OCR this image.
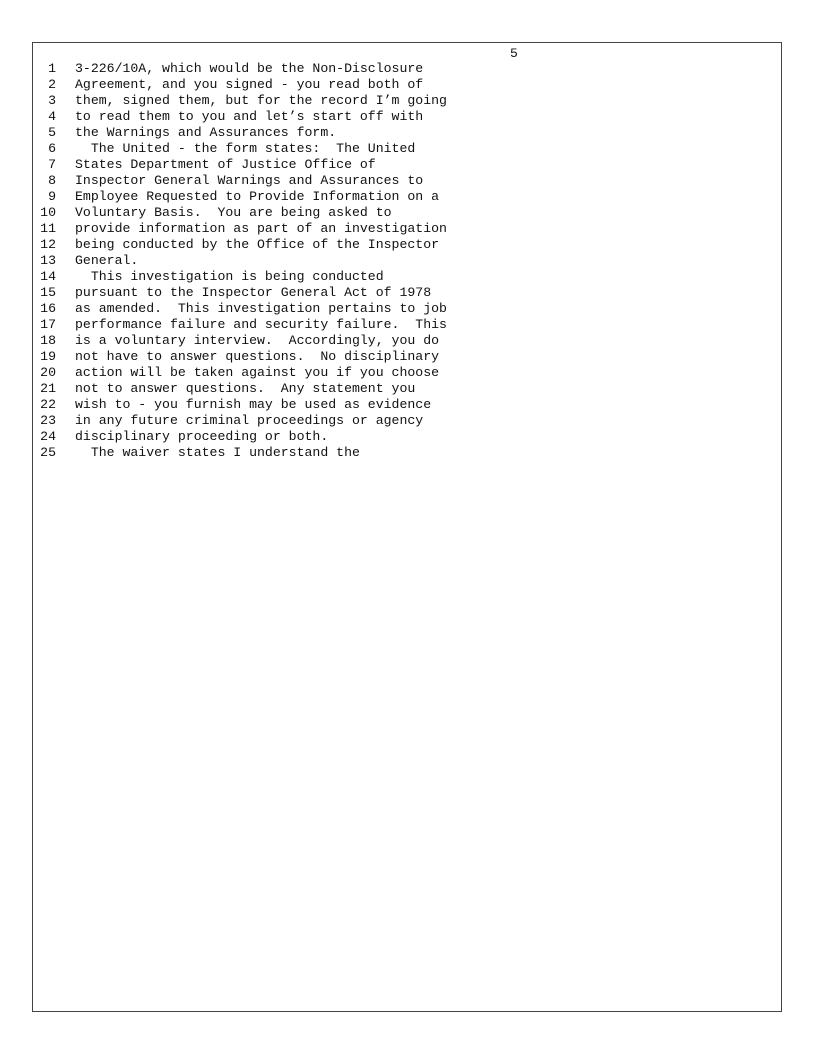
5
1 3-226/10A, which would be the Non-Disclosure
2 Agreement, and you signed - you read both of
3 them, signed them, but for the record I’m going
4 to read them to you and let’s start off with
5 the Warnings and Assurances form.
6 The United - the form states:  The United
7 States Department of Justice Office of
8 Inspector General Warnings and Assurances to
9 Employee Requested to Provide Information on a
10 Voluntary Basis.  You are being asked to
11 provide information as part of an investigation
12 being conducted by the Office of the Inspector
13 General.
14 This investigation is being conducted
15 pursuant to the Inspector General Act of 1978
16 as amended.  This investigation pertains to job
17 performance failure and security failure.  This
18 is a voluntary interview.  Accordingly, you do
19 not have to answer questions.  No disciplinary
20 action will be taken against you if you choose
21 not to answer questions.  Any statement you
22 wish to - you furnish may be used as evidence
23 in any future criminal proceedings or agency
24 disciplinary proceeding or both.
25 The waiver states I understand the
